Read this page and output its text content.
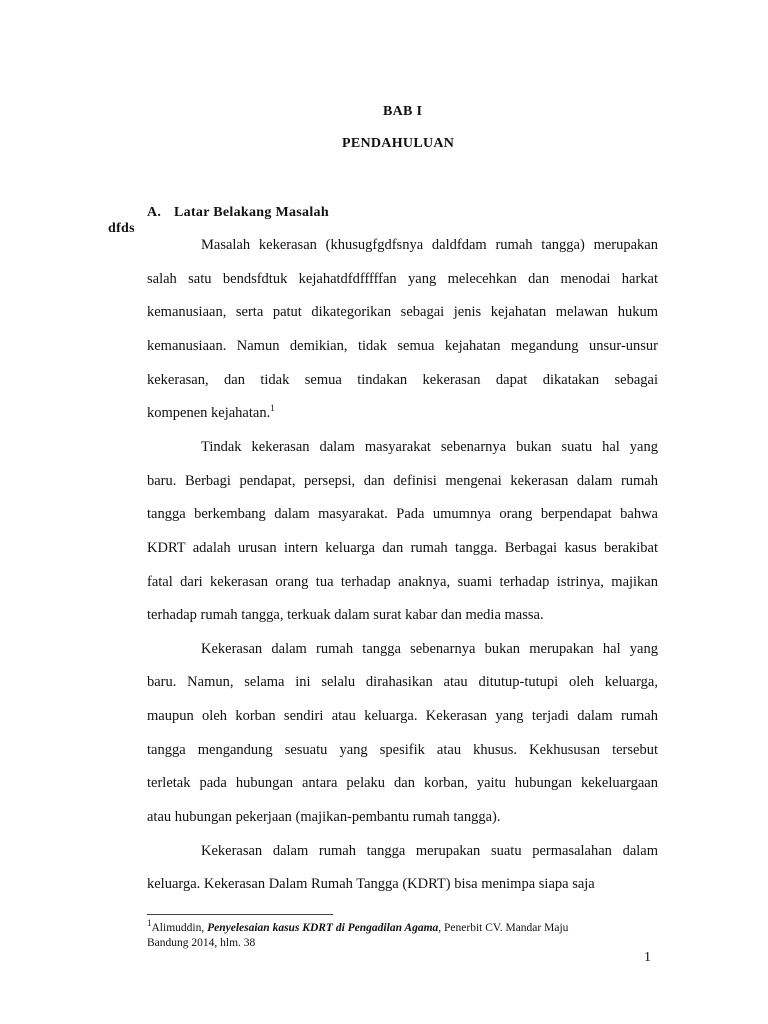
BAB I
PENDAHULUAN
A. Latar Belakang Masalah
dfds
Masalah kekerasan (khusugfgdfsnya daldfdam rumah tangga) merupakan
salah satu bendsfdtuk kejahatdfdfffffan yang melecehkan dan menodai harkat
kemanusiaan, serta patut dikategorikan sebagai jenis kejahatan melawan hukum
kemanusiaan. Namun demikian, tidak semua kejahatan megandung unsur-unsur
kekerasan, dan tidak semua tindakan kekerasan dapat dikatakan sebagai
kompenen kejahatan.$^1$
Tindak kekerasan dalam masyarakat sebenarnya bukan suatu hal yang
baru. Berbagi pendapat, persepsi, dan definisi mengenai kekerasan dalam rumah
tangga berkembang dalam masyarakat. Pada umumnya orang berpendapat bahwa
KDRT adalah urusan intern keluarga dan rumah tangga. Berbagai kasus berakibat
fatal dari kekerasan orang tua terhadap anaknya, suami terhadap istrinya, majikan
terhadap rumah tangga, terkuak dalam surat kabar dan media massa.
Kekerasan dalam rumah tangga sebenarnya bukan merupakan hal yang
baru. Namun, selama ini selalu dirahasikan atau ditutup-tutupi oleh keluarga,
maupun oleh korban sendiri atau keluarga. Kekerasan yang terjadi dalam rumah
tangga mengandung sesuatu yang spesifik atau khusus. Kekhususan tersebut
terletak pada hubungan antara pelaku dan korban, yaitu hubungan kekeluargaan
atau hubungan pekerjaan (majikan-pembantu rumah tangga).
Kekerasan dalam rumah tangga merupakan suatu permasalahan dalam
keluarga. Kekerasan Dalam Rumah Tangga (KDRT) bisa menimpa siapa saja
$^1$Alimuddin, Penyelesaian kasus KDRT di Pengadilan Agama, Penerbit CV. Mandar Maju
Bandung 2014, hlm. 38
1
